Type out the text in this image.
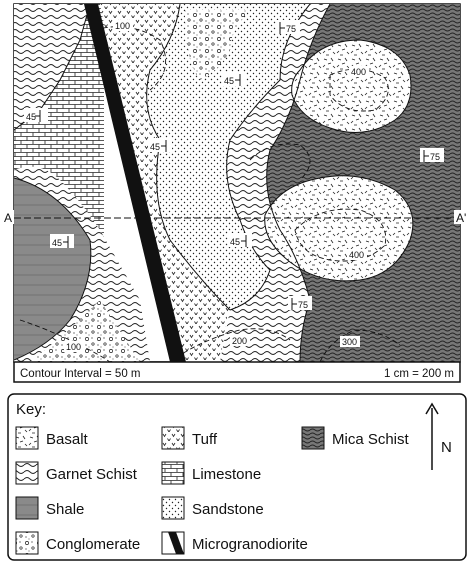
A	A'
100
400
400
100
200	300
75
45
45
45
45	45
75
75
Contour Interval = 50 m	1 cm = 200 m
Key:
N
Basalt	Tuff	Mica Schist
Garnet Schist	Limestone
Shale	Sandstone
Conglomerate	Microgranodiorite
